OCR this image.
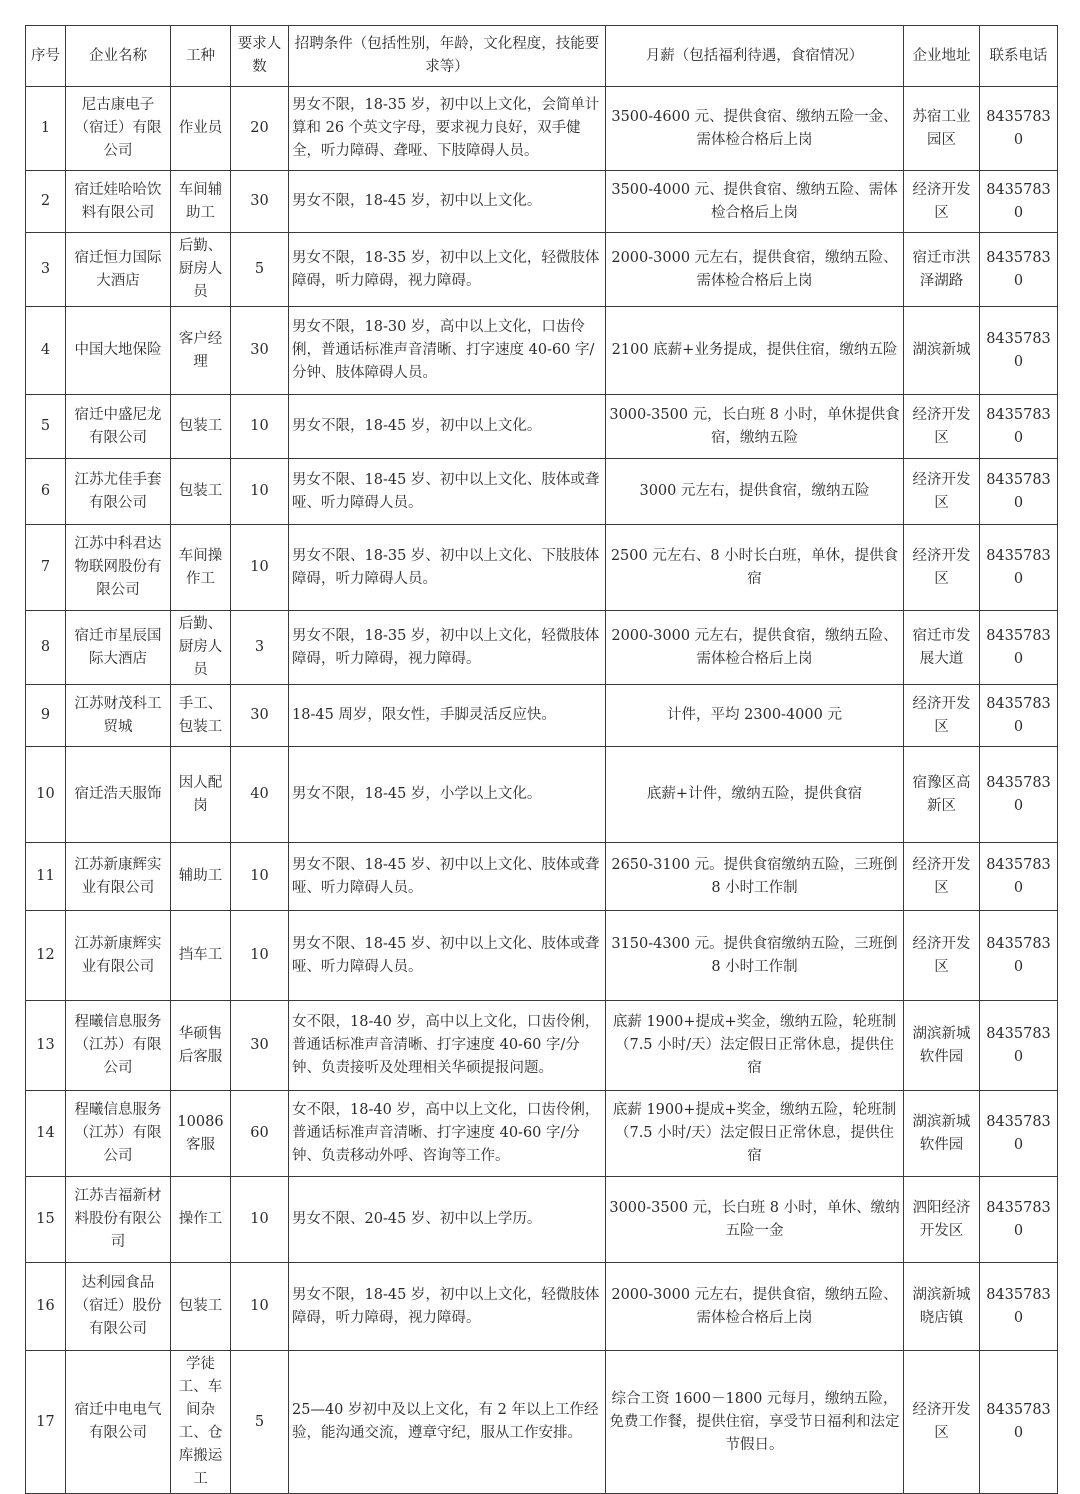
序号	企业名称	工种	要求人数	招聘条件（包括性别，年龄，文化程度，技能要求等）	月薪（包括福利待遇，食宿情况）	企业地址	联系电话
1	尼古康电子（宿迁）有限公司	作业员	20	男女不限，18-35 岁，初中以上文化，会简单计算和 26 个英文字母，要求视力良好，双手健全，听力障碍、聋哑、下肢障碍人员。	3500-4600 元、提供食宿、缴纳五险一金、需体检合格后上岗	苏宿工业园区	84357830
2	宿迁娃哈哈饮料有限公司	车间辅助工	30	男女不限，18-45 岁，初中以上文化。	3500-4000 元、提供食宿、缴纳五险、需体检合格后上岗	经济开发区	84357830
3	宿迁恒力国际大酒店	后勤、厨房人员	5	男女不限，18-35 岁，初中以上文化，轻微肢体障碍，听力障碍，视力障碍。	2000-3000 元左右，提供食宿，缴纳五险、需体检合格后上岗	宿迁市洪泽湖路	84357830
4	中国大地保险	客户经理	30	男女不限，18-30 岁，高中以上文化，口齿伶俐，普通话标准声音清晰、打字速度 40-60 字/分钟、肢体障碍人员。	2100 底薪+业务提成，提供住宿，缴纳五险	湖滨新城	84357830
5	宿迁中盛尼龙有限公司	包装工	10	男女不限，18-45 岁，初中以上文化。	3000-3500 元，长白班 8 小时，单休提供食宿，缴纳五险	经济开发区	84357830
6	江苏尤佳手套有限公司	包装工	10	男女不限、18-45 岁、初中以上文化、肢体或聋哑、听力障碍人员。	3000 元左右，提供食宿，缴纳五险	经济开发区	84357830
7	江苏中科君达物联网股份有限公司	车间操作工	10	男女不限、18-35 岁、初中以上文化、下肢肢体障碍，听力障碍人员。	2500 元左右、8 小时长白班，单休，提供食宿	经济开发区	84357830
8	宿迁市星辰国际大酒店	后勤、厨房人员	3	男女不限，18-35 岁，初中以上文化，轻微肢体障碍，听力障碍，视力障碍。	2000-3000 元左右，提供食宿，缴纳五险、需体检合格后上岗	宿迁市发展大道	84357830
9	江苏财茂科工贸城	手工、包装工	30	18-45 周岁，限女性，手脚灵活反应快。	计件，平均 2300-4000 元	经济开发区	84357830
10	宿迁浩天服饰	因人配岗	40	男女不限，18-45 岁，小学以上文化。	底薪+计件，缴纳五险，提供食宿	宿豫区高新区	84357830
11	江苏新康辉实业有限公司	辅助工	10	男女不限、18-45 岁、初中以上文化、肢体或聋哑、听力障碍人员。	2650-3100 元。提供食宿缴纳五险，三班倒 8 小时工作制	经济开发区	84357830
12	江苏新康辉实业有限公司	挡车工	10	男女不限、18-45 岁、初中以上文化、肢体或聋哑、听力障碍人员。	3150-4300 元。提供食宿缴纳五险，三班倒 8 小时工作制	经济开发区	84357830
13	程曦信息服务（江苏）有限公司	华硕售后客服	30	女不限，18-40 岁，高中以上文化，口齿伶俐，普通话标准声音清晰、打字速度 40-60 字/分钟、负责接听及处理相关华硕提报问题。	底薪 1900+提成+奖金，缴纳五险，轮班制（7.5 小时/天）法定假日正常休息，提供住宿	湖滨新城软件园	84357830
14	程曦信息服务（江苏）有限公司	10086 客服	60	女不限，18-40 岁，高中以上文化，口齿伶俐，普通话标准声音清晰、打字速度 40-60 字/分钟、负责移动外呼、咨询等工作。	底薪 1900+提成+奖金，缴纳五险，轮班制（7.5 小时/天）法定假日正常休息，提供住宿	湖滨新城软件园	84357830
15	江苏吉福新材料股份有限公司	操作工	10	男女不限、20-45 岁、初中以上学历。	3000-3500 元，长白班 8 小时，单休、缴纳五险一金	泗阳经济开发区	84357830
16	达利园食品（宿迁）股份有限公司	包装工	10	男女不限，18-45 岁，初中以上文化，轻微肢体障碍，听力障碍，视力障碍。	2000-3000 元左右，提供食宿，缴纳五险、需体检合格后上岗	湖滨新城晓店镇	84357830
17	宿迁中电电气有限公司	学徒工、车间杂工、仓库搬运工	5	25—40 岁初中及以上文化，有 2 年以上工作经验，能沟通交流，遵章守纪，服从工作安排。	综合工资 1600－1800 元每月，缴纳五险，免费工作餐，提供住宿，享受节日福利和法定节假日。	经济开发区	84357830
